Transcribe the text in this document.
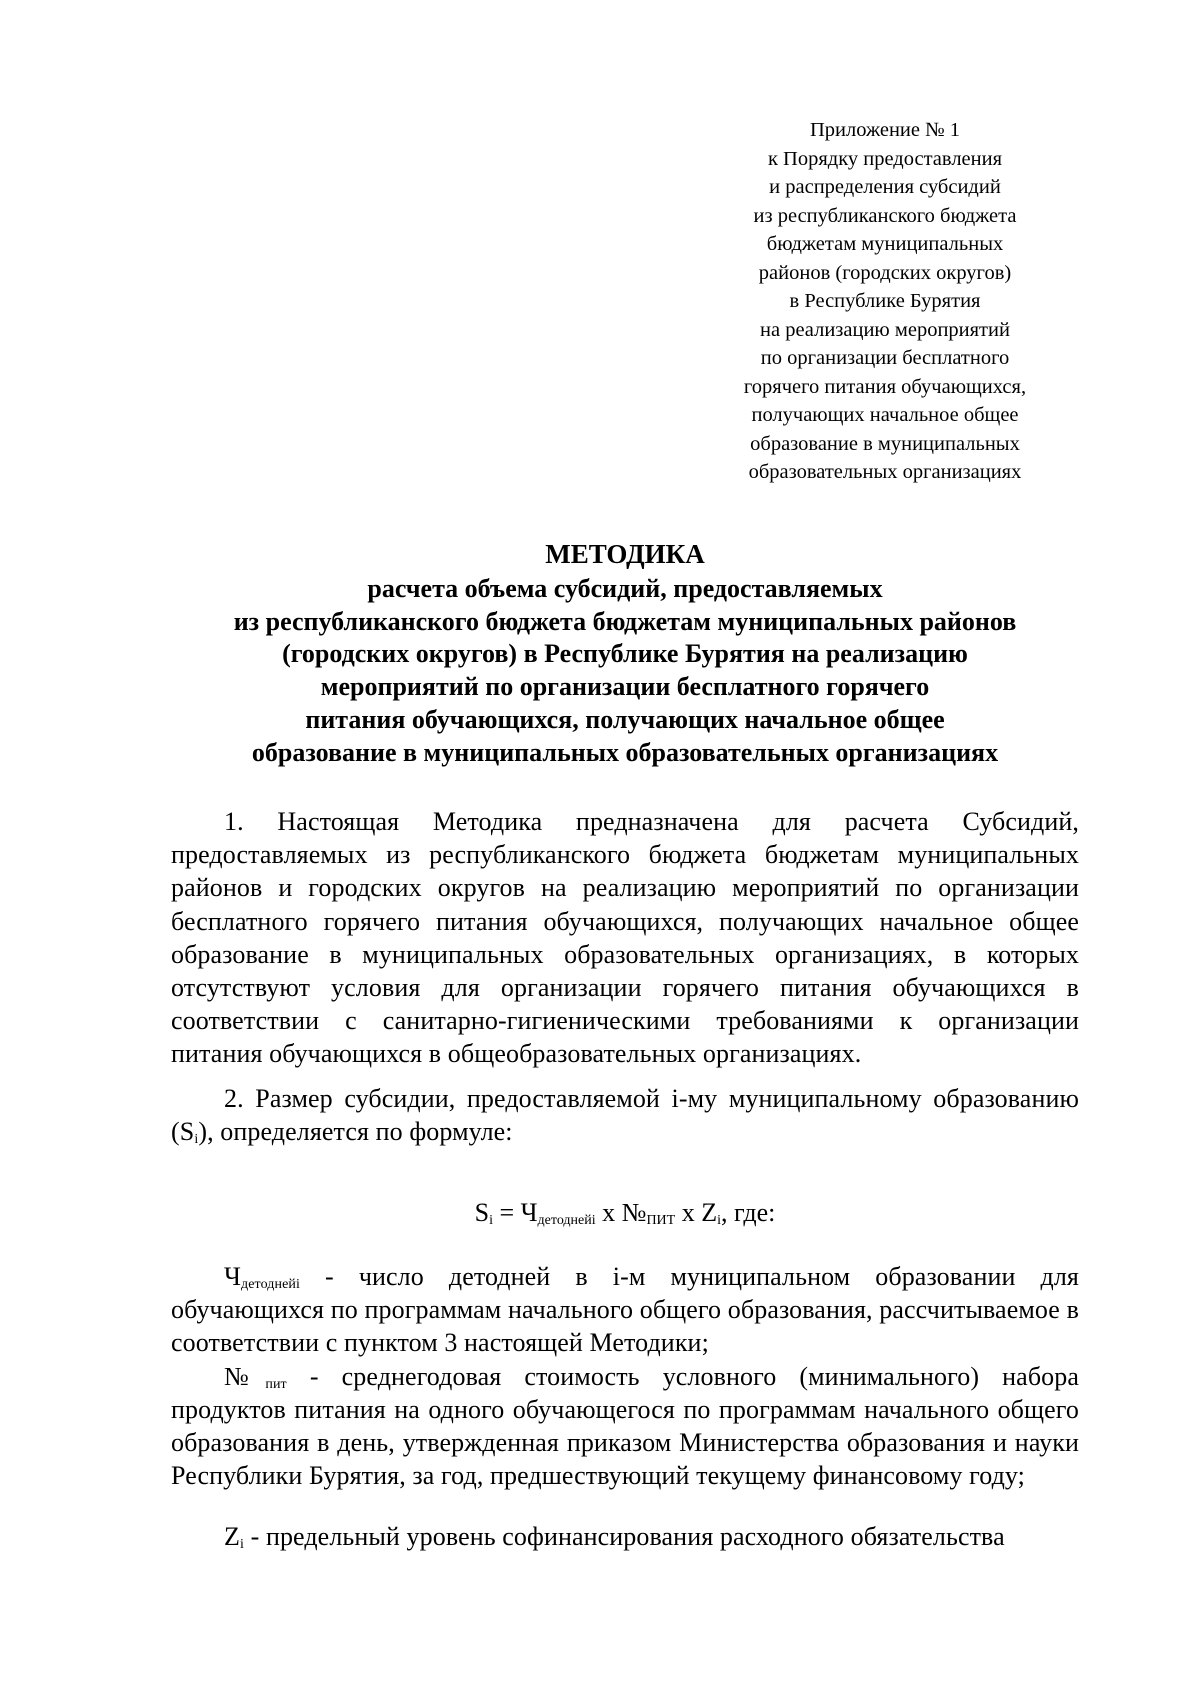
Приложение № 1
к Порядку предоставления
и распределения субсидий
из республиканского бюджета
бюджетам муниципальных
районов (городских округов)
в Республике Бурятия
на реализацию мероприятий
по организации бесплатного
горячего питания обучающихся,
получающих начальное общее
образование в муниципальных
образовательных организациях
МЕТОДИКА
расчета объема субсидий, предоставляемых
из республиканского бюджета бюджетам муниципальных районов
(городских округов) в Республике Бурятия на реализацию
мероприятий по организации бесплатного горячего
питания обучающихся, получающих начальное общее
образование в муниципальных образовательных организациях

1. Настоящая Методика предназначена для расчета Субсидий, предоставляемых из республиканского бюджета бюджетам муниципальных районов и городских округов на реализацию мероприятий по организации бесплатного горячего питания обучающихся, получающих начальное общее образование в муниципальных образовательных организациях, в которых отсутствуют условия для организации горячего питания обучающихся в соответствии с санитарно-гигиеническими требованиями к организации питания обучающихся в общеобразовательных организациях.

2. Размер субсидии, предоставляемой i-му муниципальному образованию $(S_i)$, определяется по формуле:

$S_i = Ч_{детоднейi}$ х $№_{ПИТ}$ х $Z_i$, где:

$Ч_{детоднейi}$ - число детодней в i-м муниципальном образовании для обучающихся по программам начального общего образования, рассчитываемое в соответствии с пунктом 3 настоящей Методики;

$№_{пит}$ - среднегодовая стоимость условного (минимального) набора продуктов питания на одного обучающегося по программам начального общего образования в день, утвержденная приказом Министерства образования и науки Республики Бурятия, за год, предшествующий текущему финансовому году;

$Z_i$ - предельный уровень софинансирования расходного обязательства
